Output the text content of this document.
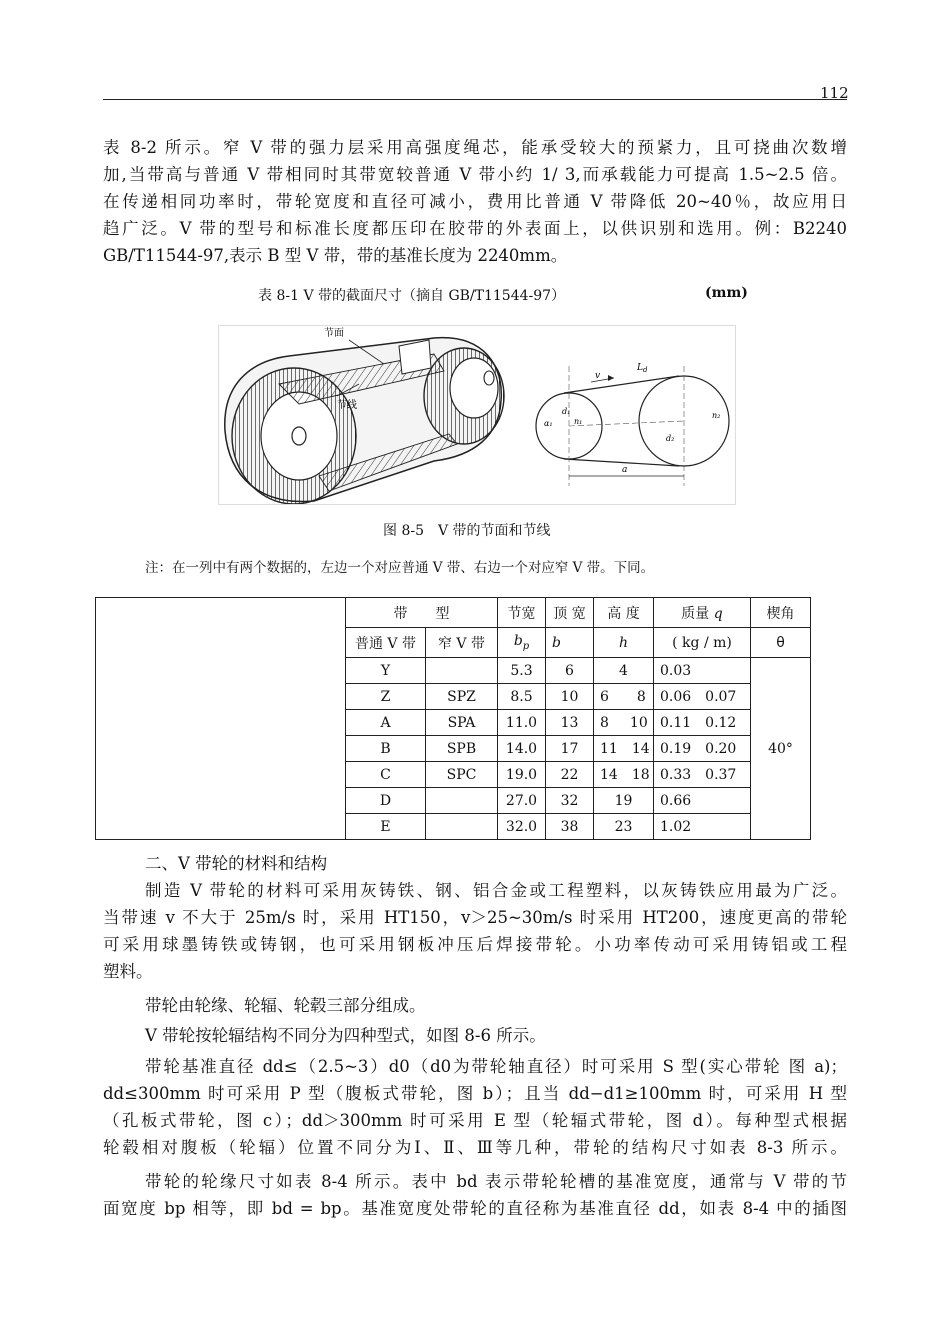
112
表 8-2 所示。窄 V 带的强力层采用高强度绳芯，能承受较大的预紧力，且可挠曲次数增
加,当带高与普通 V 带相同时其带宽较普通 V 带小约 1/ 3,而承载能力可提高 1.5~2.5 倍。
在传递相同功率时，带轮宽度和直径可减小，费用比普通 V 带降低 20~40％，故应用日
趋广泛。V 带的型号和标准长度都压印在胶带的外表面上，以供识别和选用。例：B2240
GB/T11544-97,表示 B 型 V 带，带的基准长度为 2240mm。
表 8-1 V 带的截面尺寸（摘自 GB/T11544-97）	(mm)
节面
节线
v
$L_d$
a
α₁	n₁
d₁	n₂
d₂
图 8-5　V 带的节面和节线
注：在一列中有两个数据的，左边一个对应普通 V 带、右边一个对应窄 V 带。下同。
	带   型		节宽	顶 宽	高 度	质量 q	楔角
	普通 V 带	窄 V 带	$b_p$	b	h	( kg / m)	θ
	Y		5.3	6	4	0.03	40°
	Z	SPZ	8.5	10	6   8	0.06   0.07	
	A	SPA	11.0	13	8   10	0.11   0.12	
	B	SPB	14.0	17	11   14	0.19   0.20	
	C	SPC	19.0	22	14   18	0.33   0.37	
	D		27.0	32	19	0.66	
	E		32.0	38	23	1.02	
二、V 带轮的材料和结构
制造 V 带轮的材料可采用灰铸铁、钢、铝合金或工程塑料，以灰铸铁应用最为广泛。
当带速 v 不大于 25m/s 时，采用 HT150，v＞25~30m/s 时采用 HT200，速度更高的带轮
可采用球墨铸铁或铸钢，也可采用钢板冲压后焊接带轮。小功率传动可采用铸铝或工程
塑料。
带轮由轮缘、轮辐、轮毂三部分组成。
V 带轮按轮辐结构不同分为四种型式，如图 8-6 所示。
带轮基准直径 dd≤（2.5~3）d0（d0为带轮轴直径）时可采用 S 型(实心带轮 图 a)；
dd≤300mm 时可采用 P 型（腹板式带轮，图 b）；且当 dd−d1≥100mm 时，可采用 H 型
（孔板式带轮，图 c）；dd＞300mm 时可采用 E 型（轮辐式带轮，图 d）。每种型式根据
轮毂相对腹板（轮辐）位置不同分为Ⅰ、Ⅱ、Ⅲ等几种，带轮的结构尺寸如表 8-3 所示。
带轮的轮缘尺寸如表 8-4 所示。表中 bd 表示带轮轮槽的基准宽度，通常与 V 带的节
面宽度 bp 相等，即 bd = bp。基准宽度处带轮的直径称为基准直径 dd，如表 8-4 中的插图
